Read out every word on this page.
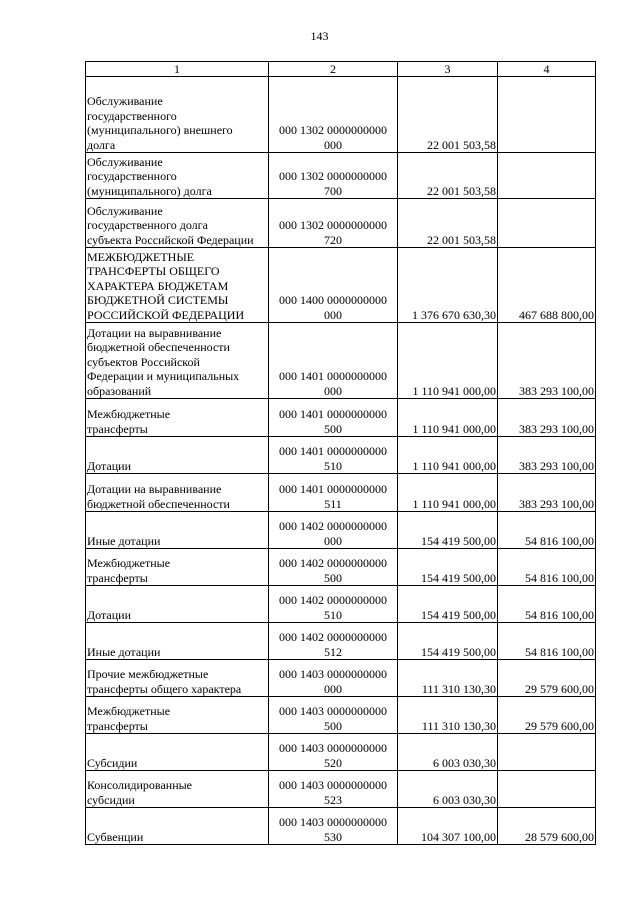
143
1	2	3	4

Обслуживание
государственного
(муниципального) внешнего
долга	000 1302 0000000000
000	22 001 503,58	

Обслуживание
государственного
(муниципального) долга	000 1302 0000000000
700	22 001 503,58	

Обслуживание
государственного долга
субъекта Российской Федерации	000 1302 0000000000
720	22 001 503,58	

МЕЖБЮДЖЕТНЫЕ
ТРАНСФЕРТЫ ОБЩЕГО
ХАРАКТЕРА БЮДЖЕТАМ
БЮДЖЕТНОЙ СИСТЕМЫ
РОССИЙСКОЙ ФЕДЕРАЦИИ	000 1400 0000000000
000	1 376 670 630,30	467 688 800,00

Дотации на выравнивание
бюджетной обеспеченности
субъектов Российской
Федерации и муниципальных
образований	000 1401 0000000000
000	1 110 941 000,00	383 293 100,00

Межбюджетные
трансферты	000 1401 0000000000
500	1 110 941 000,00	383 293 100,00

Дотации	000 1401 0000000000
510	1 110 941 000,00	383 293 100,00

Дотации на выравнивание
бюджетной обеспеченности	000 1401 0000000000
511	1 110 941 000,00	383 293 100,00

Иные дотации	000 1402 0000000000
000	154 419 500,00	54 816 100,00

Межбюджетные
трансферты	000 1402 0000000000
500	154 419 500,00	54 816 100,00

Дотации	000 1402 0000000000
510	154 419 500,00	54 816 100,00

Иные дотации	000 1402 0000000000
512	154 419 500,00	54 816 100,00

Прочие межбюджетные
трансферты общего характера	000 1403 0000000000
000	111 310 130,30	29 579 600,00

Межбюджетные
трансферты	000 1403 0000000000
500	111 310 130,30	29 579 600,00

Субсидии	000 1403 0000000000
520	6 003 030,30	

Консолидированные
субсидии	000 1403 0000000000
523	6 003 030,30	

Субвенции	000 1403 0000000000
530	104 307 100,00	28 579 600,00
